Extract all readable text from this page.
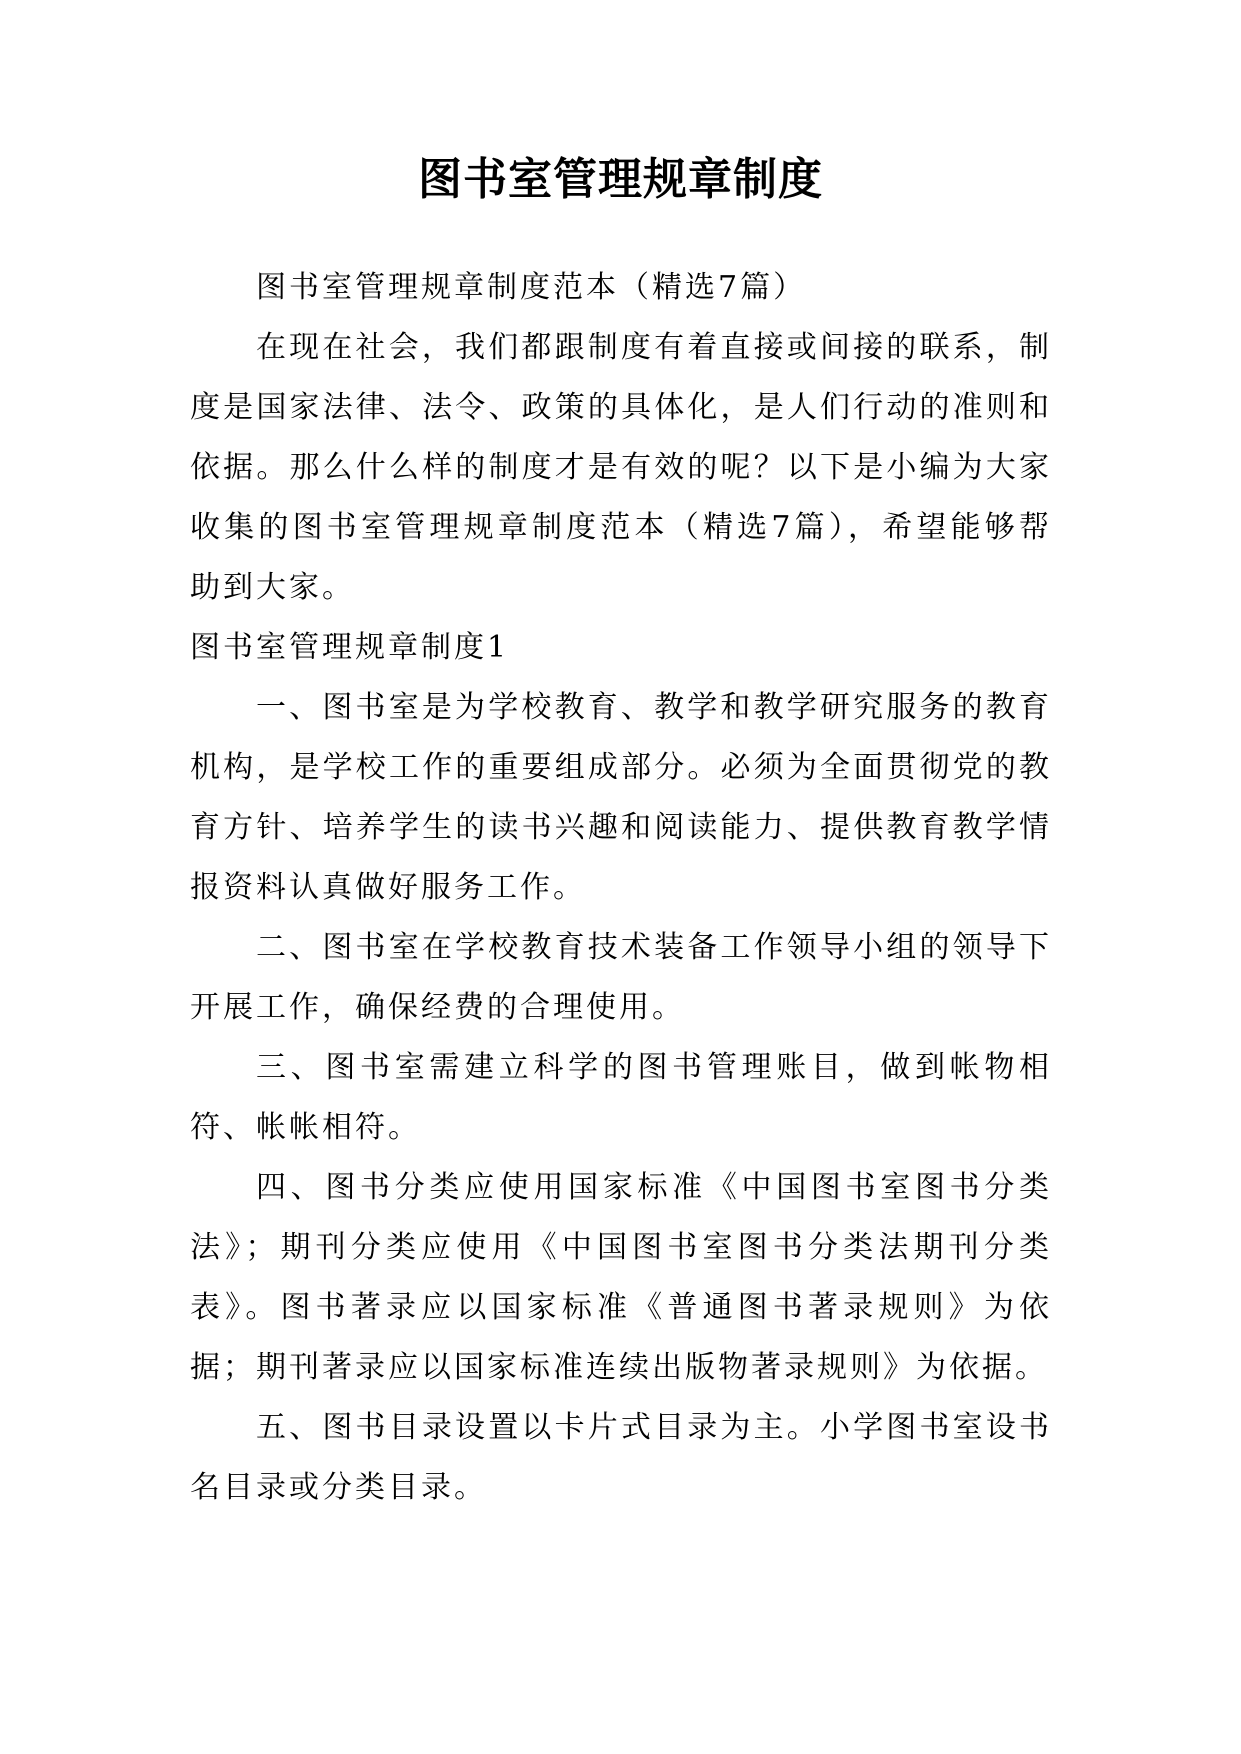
图书室管理规章制度

图书室管理规章制度范本（精选7篇）

在现在社会，我们都跟制度有着直接或间接的联系，制度是国家法律、法令、政策的具体化，是人们行动的准则和依据。那么什么样的制度才是有效的呢？以下是小编为大家收集的图书室管理规章制度范本（精选7篇），希望能够帮助到大家。

图书室管理规章制度1

一、图书室是为学校教育、教学和教学研究服务的教育机构，是学校工作的重要组成部分。必须为全面贯彻党的教育方针、培养学生的读书兴趣和阅读能力、提供教育教学情报资料认真做好服务工作。

二、图书室在学校教育技术装备工作领导小组的领导下开展工作，确保经费的合理使用。

三、图书室需建立科学的图书管理账目，做到帐物相符、帐帐相符。

四、图书分类应使用国家标准《中国图书室图书分类法》；期刊分类应使用《中国图书室图书分类法期刊分类表》。图书著录应以国家标准《普通图书著录规则》为依据；期刊著录应以国家标准连续出版物著录规则》为依据。

五、图书目录设置以卡片式目录为主。小学图书室设书名目录或分类目录。
